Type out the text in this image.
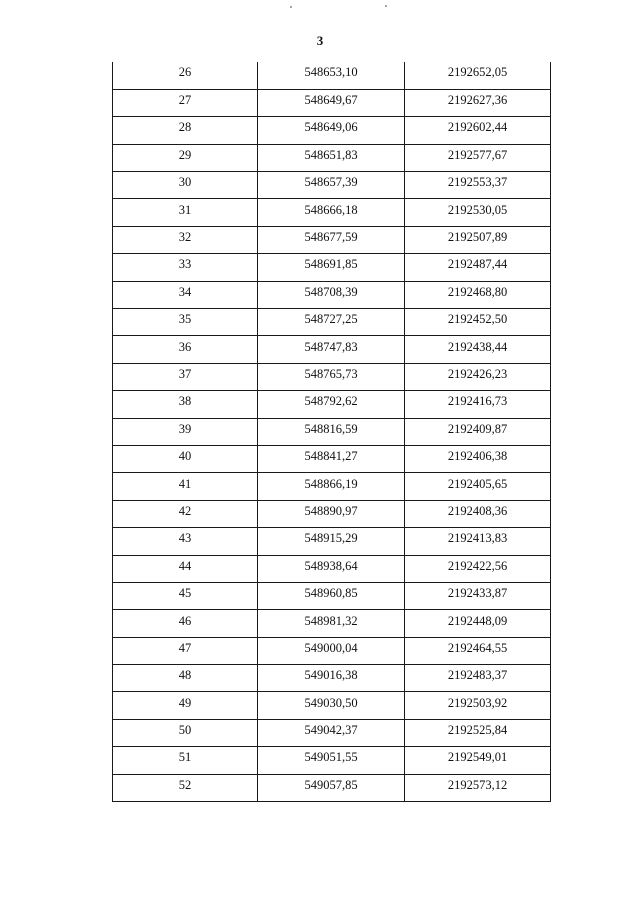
3
26	548653,10	2192652,05
27	548649,67	2192627,36
28	548649,06	2192602,44
29	548651,83	2192577,67
30	548657,39	2192553,37
31	548666,18	2192530,05
32	548677,59	2192507,89
33	548691,85	2192487,44
34	548708,39	2192468,80
35	548727,25	2192452,50
36	548747,83	2192438,44
37	548765,73	2192426,23
38	548792,62	2192416,73
39	548816,59	2192409,87
40	548841,27	2192406,38
41	548866,19	2192405,65
42	548890,97	2192408,36
43	548915,29	2192413,83
44	548938,64	2192422,56
45	548960,85	2192433,87
46	548981,32	2192448,09
47	549000,04	2192464,55
48	549016,38	2192483,37
49	549030,50	2192503,92
50	549042,37	2192525,84
51	549051,55	2192549,01
52	549057,85	2192573,12
